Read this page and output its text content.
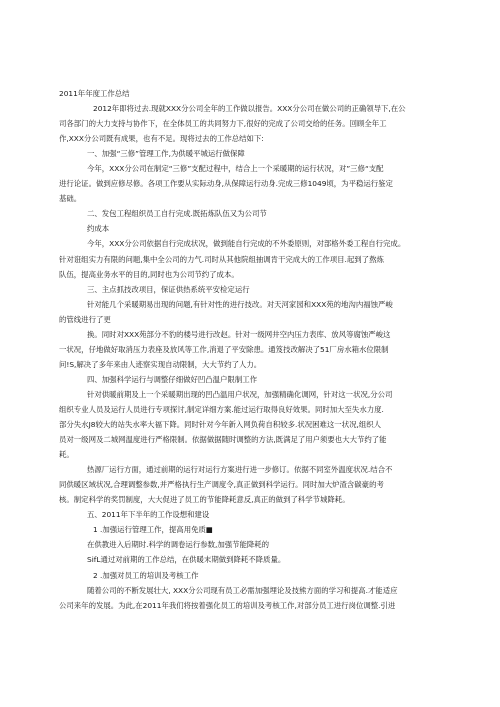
2011年年度工作总结
2012年即将过去.现就XXX分公司全年的工作做以报告。XXX分公司在做公司的正确领导下,在公
司各部门的大力支持与协作下，在全体员工的共同努力下,很好的完成了公司交给的任务。回顾全年工
作,XXX分公司既有成果，也有不足。现将过去的工作总结如下:
一、加强“三修”管理工作,为供暖平城运行做保障
今年，XXX分公司在制定“三修”支配过程中，结合上一个采暖期的运行状况，对”三修“支配
进行论证。做到应修尽修。各项工作要从实际动身,从保障运行动身.完成三修1049顷，为平稳运行鉴定
基础。
二、发包工程组织员工自行完成.既拓炼队伍又为公司节
约成本
今年，XXX分公司依据自行完成状况，做到能自行完成的不外委原则，对部格外委工程自行完成。
针对诳组实力有限的问题,集中全公司的力气.司时从其他院组抽调肯干完成大的工作项目.起到了熬炼
队伍，提高业务水平的目的,同时也为公司节约了成本。
三、主点抓技改项目，保证供热系统平安检定运行
针对能几个采暖期易出现的问题,有针对性的进行技改。对天河家园和XXX苑的地沟内福蚀严峻
的管线进行了更
换。同时对XXX苑部分不豹的楼号进行改赵。针对一级网井空内压力表库、放风等腐蚀严峻这
一状况，仔地做好取消压力表座及放风等工作,消退了平安除患。通笈技改解决了51厂房水箱水位限制
问!S,解决了多年来由人迹察实现自动限制，大大节约了人力。
四、加强科学运行与调整仔细做好凹凸温户限制工作
针对供暖前期及上一个采暖期出现的凹凸温用户状况，加强精确化调网，针对这一状况,分公司
组织专业人员及运行人员进行专项探讨,制定详细方案.能过运行取得良好效果。同时加大至失水力度.
部分失水J8较大的站失水率大福下降。同时针对今年新入网负荷自积较多.状况困难这一状况,组织人
员对一级网及二城网温度进行严格限制。依据做据随时调整的方法,既满足了用户须要也大大节约了能
耗。
热源厂运行方面，通过前期的运行对运行方案进行进一步修订。依据不同室外温度状况.结合不
同供暖区域状况,合理调整参数,并严格执行生产调度令,真正做到科学运行。同时加大炉渣含碳豪的考
核。制定科学的奖罚制度，大大促进了员工的节能降耗意反,真正的做到了科学节城降耗。
五、2011年下半年的工作设想和建设
1 .加强运行管理工作，提高用免质■
在供教进入后期时.科学的调卷运行参数,加强节能降耗的
SifL通过对前期的工作总结，在供暖末期做到降耗不降质量。
2 .加强对员工的培训及考核工作
随着公司的不断发展壮大, XXX分公司现有员工必需加强埋论及技熊方面的学习和提高.才能适应
公司来年的发展。为此,在2011年我们将按着强化员工的培训及考核工作,对部分员工进行岗位调整.引进
